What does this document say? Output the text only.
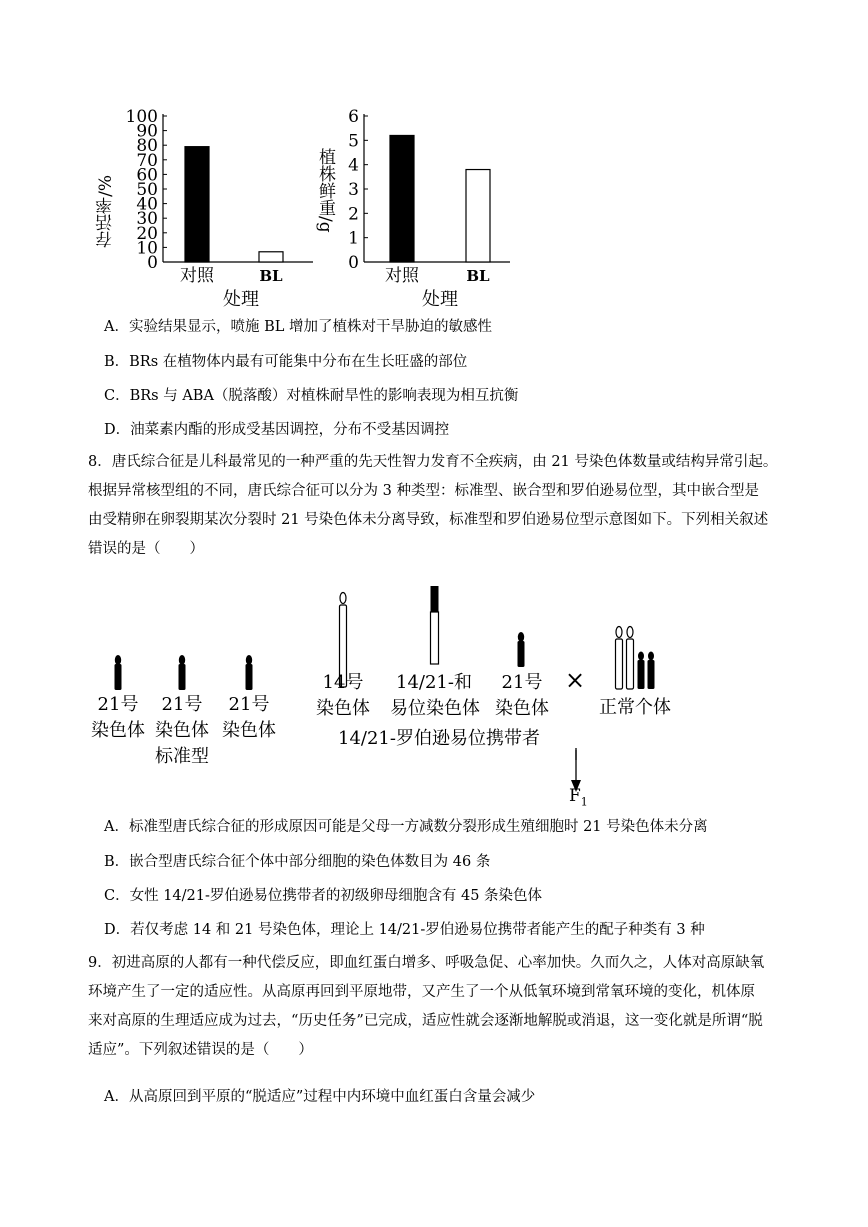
存活率/%
0
10
20
30
40
50
60
70
80
90
100
对照	BL
处理
植株鲜重/g
0
1
2
3
4
5
6
对照	BL
处理
A．实验结果显示，喷施 BL 增加了植株对干旱胁迫的敏感性
B．BRs 在植物体内最有可能集中分布在生长旺盛的部位
C．BRs 与 ABA（脱落酸）对植株耐旱性的影响表现为相互抗衡
D．油菜素内酯的形成受基因调控，分布不受基因调控
8．唐氏综合征是儿科最常见的一种严重的先天性智力发育不全疾病，由 21 号染色体数量或结构异常引起。
根据异常核型组的不同，唐氏综合征可以分为 3 种类型：标准型、嵌合型和罗伯逊易位型，其中嵌合型是
由受精卵在卵裂期某次分裂时 21 号染色体未分离导致，标准型和罗伯逊易位型示意图如下。下列相关叙述
错误的是（　　）
21号
染色体
21号
染色体
21号
染色体
标准型
14号
染色体
14/21-和
易位染色体
21号
染色体
14/21-罗伯逊易位携带者
×
正常个体
$F_1$
A．标准型唐氏综合征的形成原因可能是父母一方减数分裂形成生殖细胞时 21 号染色体未分离
B．嵌合型唐氏综合征个体中部分细胞的染色体数目为 46 条
C．女性 14/21-罗伯逊易位携带者的初级卵母细胞含有 45 条染色体
D．若仅考虑 14 和 21 号染色体，理论上 14/21-罗伯逊易位携带者能产生的配子种类有 3 种
9．初进高原的人都有一种代偿反应，即血红蛋白增多、呼吸急促、心率加快。久而久之，人体对高原缺氧
环境产生了一定的适应性。从高原再回到平原地带，又产生了一个从低氧环境到常氧环境的变化，机体原
来对高原的生理适应成为过去，“历史任务”已完成，适应性就会逐渐地解脱或消退，这一变化就是所谓“脱
适应”。下列叙述错误的是（　　）
A．从高原回到平原的“脱适应”过程中内环境中血红蛋白含量会减少
